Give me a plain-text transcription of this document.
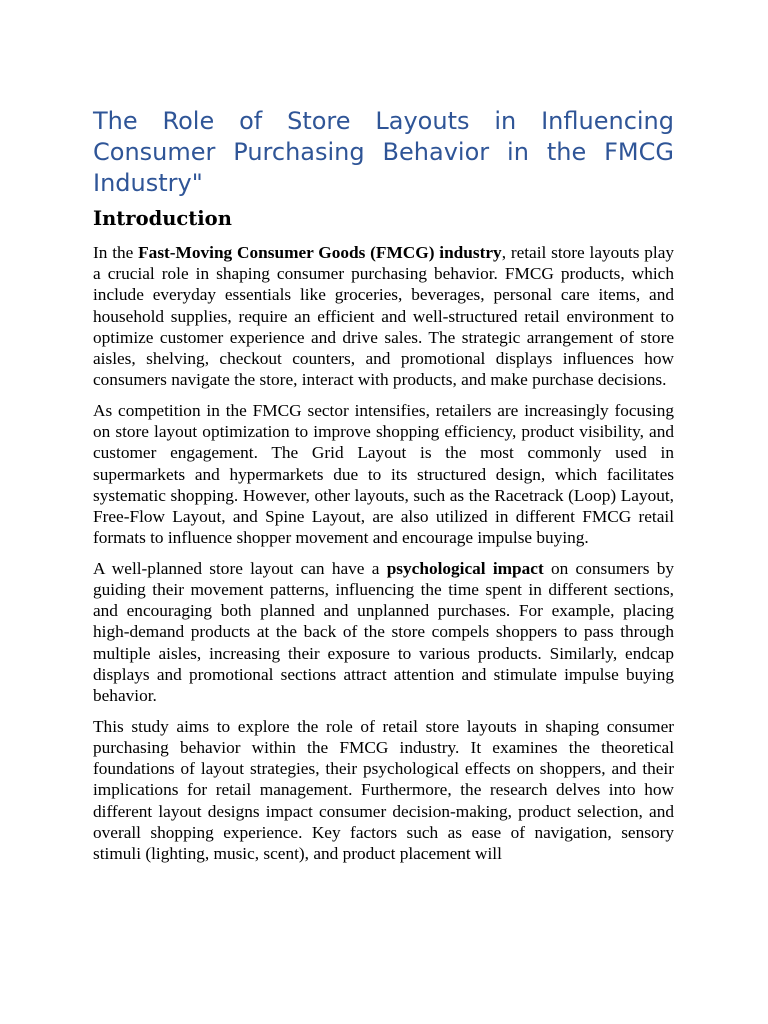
The Role of Store Layouts in Influencing Consumer Purchasing Behavior in the FMCG Industry"
Introduction

In the Fast-Moving Consumer Goods (FMCG) industry, retail store layouts play a crucial role in shaping consumer purchasing behavior. FMCG products, which include everyday essentials like groceries, beverages, personal care items, and household supplies, require an efficient and well-structured retail environment to optimize customer experience and drive sales. The strategic arrangement of store aisles, shelving, checkout counters, and promotional displays influences how consumers navigate the store, interact with products, and make purchase decisions.

As competition in the FMCG sector intensifies, retailers are increasingly focusing on store layout optimization to improve shopping efficiency, product visibility, and customer engagement. The Grid Layout is the most commonly used in supermarkets and hypermarkets due to its structured design, which facilitates systematic shopping. However, other layouts, such as the Racetrack (Loop) Layout, Free-Flow Layout, and Spine Layout, are also utilized in different FMCG retail formats to influence shopper movement and encourage impulse buying.

A well-planned store layout can have a psychological impact on consumers by guiding their movement patterns, influencing the time spent in different sections, and encouraging both planned and unplanned purchases. For example, placing high-demand products at the back of the store compels shoppers to pass through multiple aisles, increasing their exposure to various products. Similarly, endcap displays and promotional sections attract attention and stimulate impulse buying behavior.

This study aims to explore the role of retail store layouts in shaping consumer purchasing behavior within the FMCG industry. It examines the theoretical foundations of layout strategies, their psychological effects on shoppers, and their implications for retail management. Furthermore, the research delves into how different layout designs impact consumer decision-making, product selection, and overall shopping experience. Key factors such as ease of navigation, sensory stimuli (lighting, music, scent), and product placement will
